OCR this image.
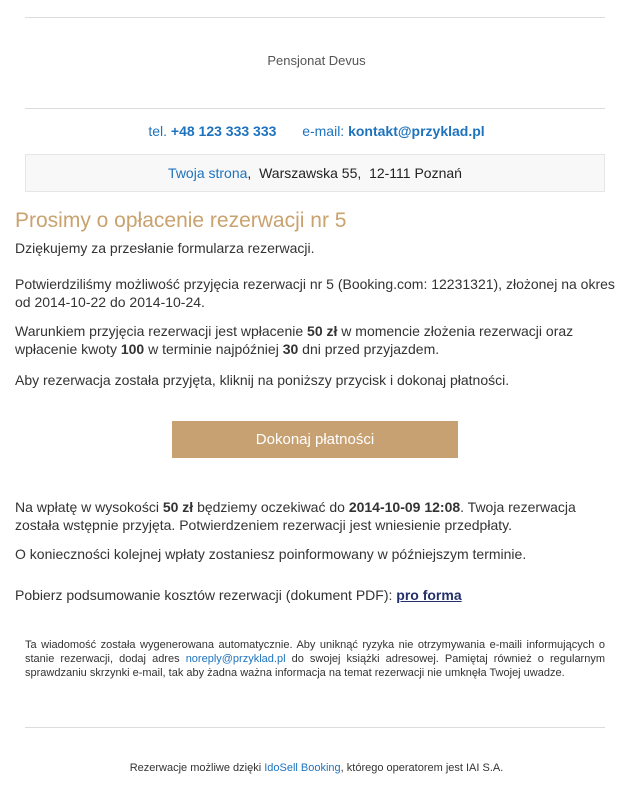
Pensjonat Devus
tel. +48 123 333 333 e-mail: kontakt@przyklad.pl
Twoja strona,  Warszawska 55, 12-111 Poznań
Prosimy o opłacenie rezerwacji nr 5

Dziękujemy za przesłanie formularza rezerwacji.

Potwierdziliśmy możliwość przyjęcia rezerwacji nr 5 (Booking.com: 12231321), złożonej na okres od 2014-10-22 do 2014-10-24.

Warunkiem przyjęcia rezerwacji jest wpłacenie 50 zł w momencie złożenia rezerwacji oraz wpłacenie kwoty 100 w terminie najpóźniej 30 dni przed przyjazdem.

Aby rezerwacja została przyjęta, kliknij na poniższy przycisk i dokonaj płatności.

Dokonaj płatności

Na wpłatę w wysokości 50 zł będziemy oczekiwać do 2014-10-09 12:08. Twoja rezerwacja została wstępnie przyjęta. Potwierdzeniem rezerwacji jest wniesienie przedpłaty.

O konieczności kolejnej wpłaty zostaniesz poinformowany w późniejszym terminie.

Pobierz podsumowanie kosztów rezerwacji (dokument PDF): pro forma

Ta wiadomość została wygenerowana automatycznie. Aby uniknąć ryzyka nie otrzymywania e-maili informujących o stanie rezerwacji, dodaj adres noreply@przyklad.pl do swojej książki adresowej. Pamiętaj również o regularnym sprawdzaniu skrzynki e-mail, tak aby żadna ważna informacja na temat rezerwacji nie umknęła Twojej uwadze.
Rezerwacje możliwe dzięki IdoSell Booking, którego operatorem jest IAI S.A.
